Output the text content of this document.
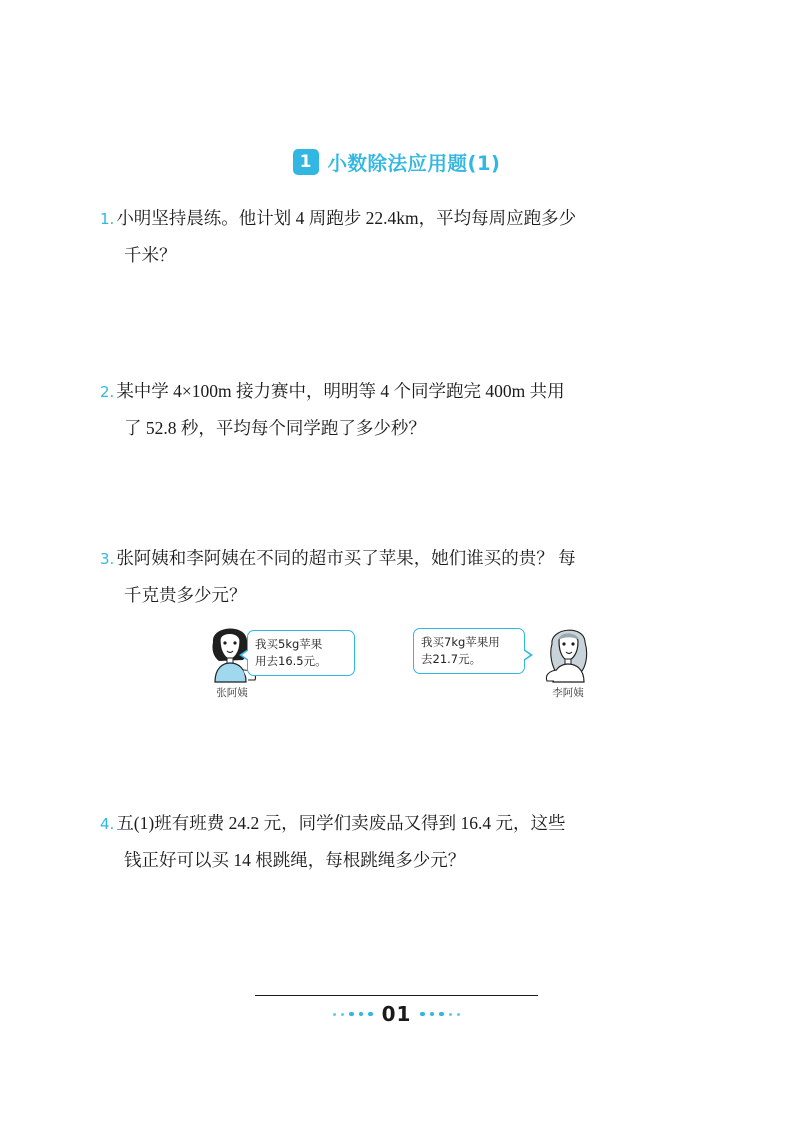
1 小数除法应用题(1)
1. 小明坚持晨练。他计划 4 周跑步 22.4km，平均每周应跑多少
千米？
2. 某中学 4×100m 接力赛中，明明等 4 个同学跑完 400m 共用
了 52.8 秒，平均每个同学跑了多少秒？
3. 张阿姨和李阿姨在不同的超市买了苹果，她们谁买的贵？ 每
千克贵多少元？
张阿姨
我买5kg苹果
用去16.5元。
我买7kg苹果用
去21.7元。
李阿姨
4. 五(1)班有班费 24.2 元，同学们卖废品又得到 16.4 元，这些
钱正好可以买 14 根跳绳，每根跳绳多少元？
01
